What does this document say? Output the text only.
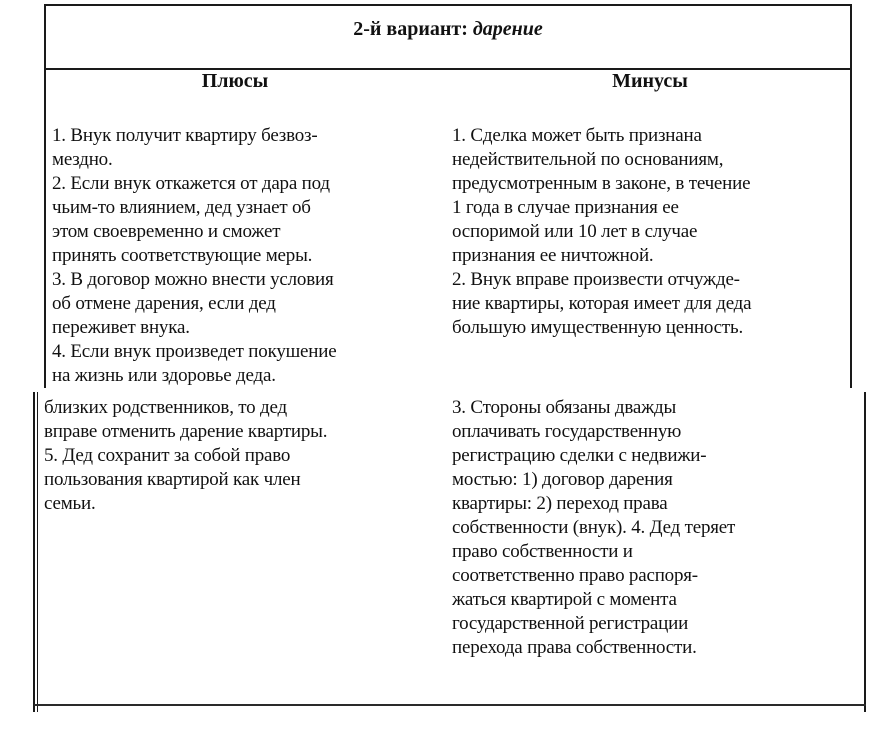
2-й вариант: дарение
Плюсы	Минусы
1. Внук получит квартиру безвоз-
мездно.
2. Если внук откажется от дара под
чьим-то влиянием, дед узнает об
этом своевременно и сможет
принять соответствующие меры.
3. В договор можно внести условия
об отмене дарения, если дед
переживет внука.
4. Если внук произведет покушение
на жизнь или здоровье деда.
1. Сделка может быть признана
недействительной по основаниям,
предусмотренным в законе, в течение
1 года в случае признания ее
оспоримой или 10 лет в случае
признания ее ничтожной.
2. Внук вправе произвести отчужде-
ние квартиры, которая имеет для деда
большую имущественную ценность.
близких родственников, то дед
вправе отменить дарение квартиры.
5. Дед сохранит за собой право
пользования квартирой как член
семьи.
3. Стороны обязаны дважды
оплачивать государственную
регистрацию сделки с недвижи-
мостью: 1) договор дарения
квартиры: 2) переход права
собственности (внук). 4. Дед теряет
право собственности и
соответственно право распоря-
жаться квартирой с момента
государственной регистрации
перехода права собственности.
